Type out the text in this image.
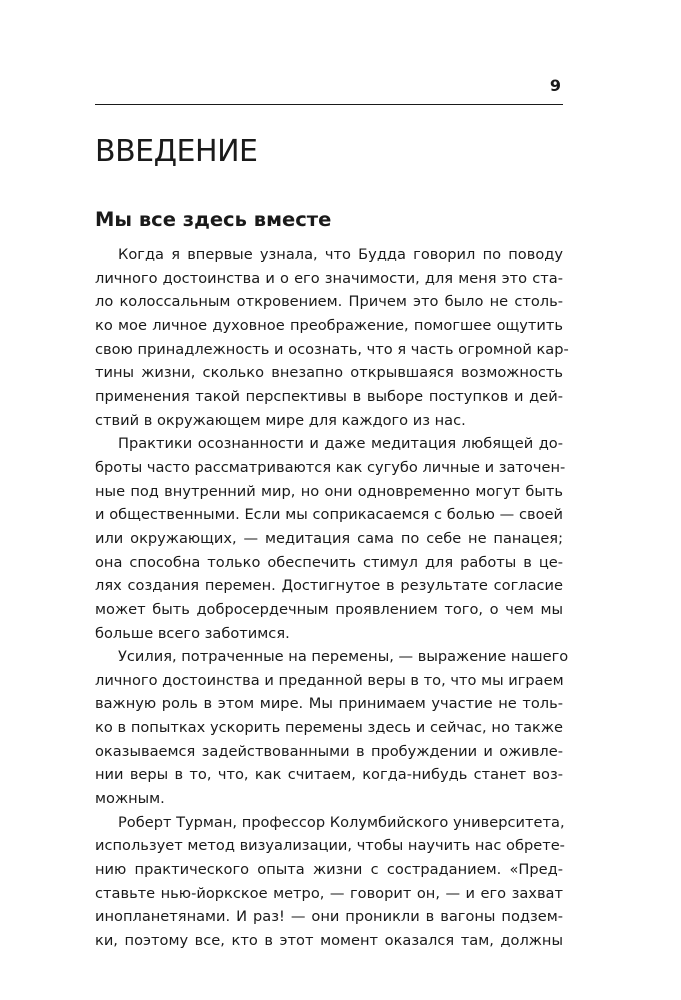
9
ВВЕДЕНИЕ
Мы все здесь вместе

Когда я впервые узнала, что Будда говорил по поводу
личного достоинства и о его значимости, для меня это ста-
ло колоссальным откровением. Причем это было не столь-
ко мое личное духовное преображение, помогшее ощутить
свою принадлежность и осознать, что я часть огромной кар-
тины жизни, сколько внезапно открывшаяся возможность
применения такой перспективы в выборе поступков и дей-
ствий в окружающем мире для каждого из нас.

Практики осознанности и даже медитация любящей до-
броты часто рассматриваются как сугубо личные и заточен-
ные под внутренний мир, но они одновременно могут быть
и общественными. Если мы соприкасаемся с болью — своей
или окружающих, — медитация сама по себе не панацея;
она способна только обеспечить стимул для работы в це-
лях создания перемен. Достигнутое в результате согласие
может быть добросердечным проявлением того, о чем мы
больше всего заботимся.

Усилия, потраченные на перемены, — выражение нашего
личного достоинства и преданной веры в то, что мы играем
важную роль в этом мире. Мы принимаем участие не толь-
ко в попытках ускорить перемены здесь и сейчас, но также
оказываемся задействованными в пробуждении и оживле-
нии веры в то, что, как считаем, когда-нибудь станет воз-
можным.

Роберт Турман, профессор Колумбийского университета,
использует метод визуализации, чтобы научить нас обрете-
нию практического опыта жизни с состраданием. «Пред-
ставьте нью-йоркское метро, — говорит он, — и его захват
инопланетянами. И раз! — они проникли в вагоны подзем-
ки, поэтому все, кто в этот момент оказался там, должны
